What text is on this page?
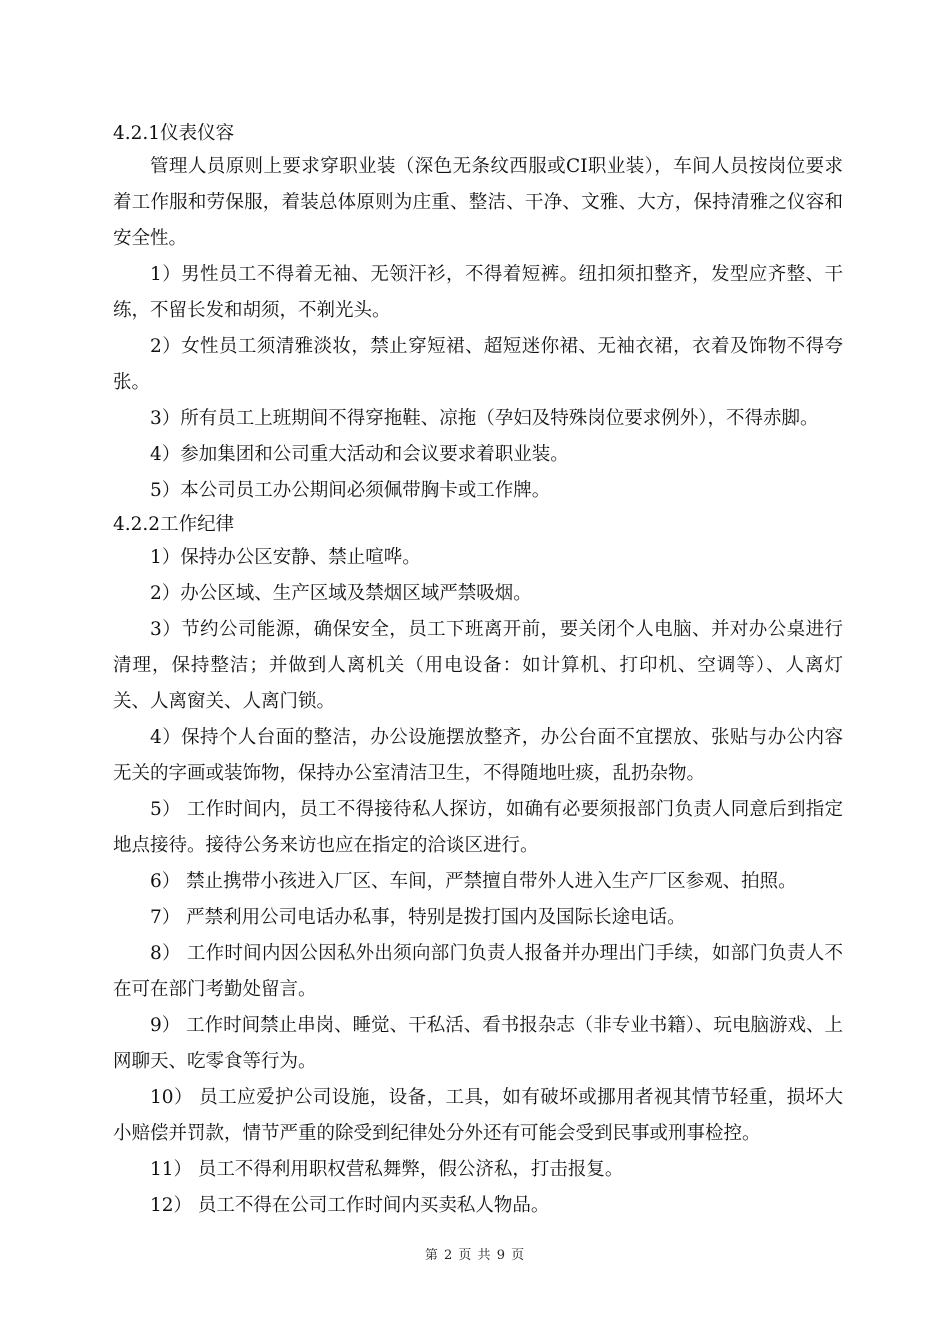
4.2.1仪表仪容

管理人员原则上要求穿职业装（深色无条纹西服或CI职业装），车间人员按岗位要求着工作服和劳保服，着装总体原则为庄重、整洁、干净、文雅、大方，保持清雅之仪容和安全性。

1）男性员工不得着无袖、无领汗衫，不得着短裤。纽扣须扣整齐，发型应齐整、干练，不留长发和胡须，不剃光头。

2）女性员工须清雅淡妆，禁止穿短裙、超短迷你裙、无袖衣裙，衣着及饰物不得夸张。

3）所有员工上班期间不得穿拖鞋、凉拖（孕妇及特殊岗位要求例外），不得赤脚。

4）参加集团和公司重大活动和会议要求着职业装。

5）本公司员工办公期间必须佩带胸卡或工作牌。

4.2.2工作纪律

1）保持办公区安静、禁止喧哗。

2）办公区域、生产区域及禁烟区域严禁吸烟。

3）节约公司能源，确保安全，员工下班离开前，要关闭个人电脑、并对办公桌进行清理，保持整洁；并做到人离机关（用电设备：如计算机、打印机、空调等）、人离灯关、人离窗关、人离门锁。

4）保持个人台面的整洁，办公设施摆放整齐，办公台面不宜摆放、张贴与办公内容无关的字画或装饰物，保持办公室清洁卫生，不得随地吐痰，乱扔杂物。

5） 工作时间内，员工不得接待私人探访，如确有必要须报部门负责人同意后到指定地点接待。接待公务来访也应在指定的洽谈区进行。

6） 禁止携带小孩进入厂区、车间，严禁擅自带外人进入生产厂区参观、拍照。

7） 严禁利用公司电话办私事，特别是拨打国内及国际长途电话。

8） 工作时间内因公因私外出须向部门负责人报备并办理出门手续，如部门负责人不在可在部门考勤处留言。

9） 工作时间禁止串岗、睡觉、干私活、看书报杂志（非专业书籍）、玩电脑游戏、上网聊天、吃零食等行为。

10） 员工应爱护公司设施，设备，工具，如有破坏或挪用者视其情节轻重，损坏大小赔偿并罚款，情节严重的除受到纪律处分外还有可能会受到民事或刑事检控。

11） 员工不得利用职权营私舞弊，假公济私，打击报复。

12） 员工不得在公司工作时间内买卖私人物品。

第 2 页 共 9 页
